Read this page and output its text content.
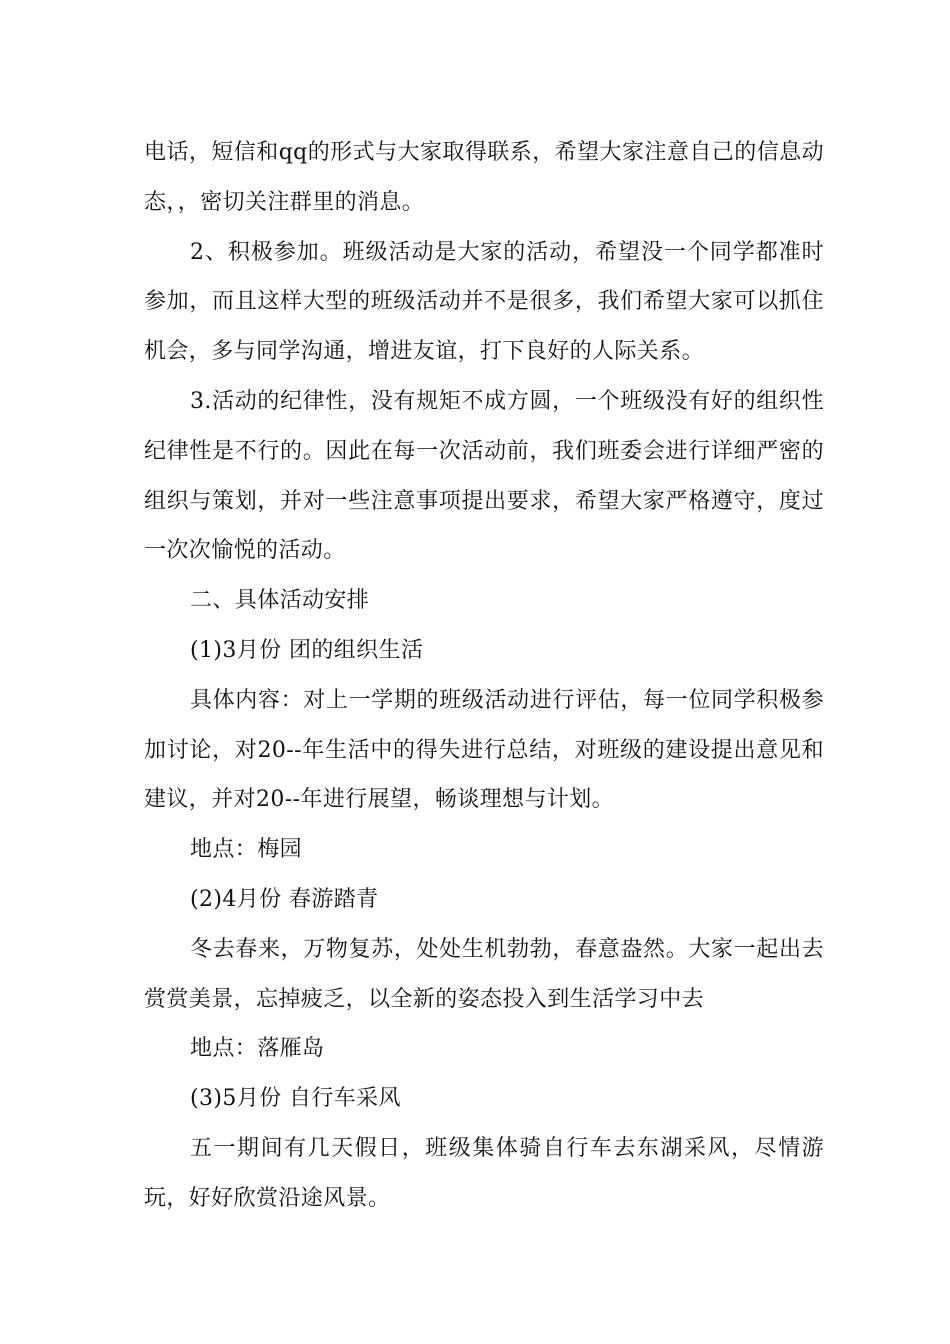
电话，短信和qq的形式与大家取得联系，希望大家注意自己的信息动态，，密切关注群里的消息。

2、积极参加。班级活动是大家的活动，希望没一个同学都准时参加，而且这样大型的班级活动并不是很多，我们希望大家可以抓住机会，多与同学沟通，增进友谊，打下良好的人际关系。

3.活动的纪律性，没有规矩不成方圆，一个班级没有好的组织性纪律性是不行的。因此在每一次活动前，我们班委会进行详细严密的组织与策划，并对一些注意事项提出要求，希望大家严格遵守，度过一次次愉悦的活动。

二、具体活动安排

(1)3月份 团的组织生活

具体内容：对上一学期的班级活动进行评估，每一位同学积极参加讨论，对20--年生活中的得失进行总结，对班级的建设提出意见和建议，并对20--年进行展望，畅谈理想与计划。

地点：梅园

(2)4月份 春游踏青

冬去春来，万物复苏，处处生机勃勃，春意盎然。大家一起出去赏赏美景，忘掉疲乏，以全新的姿态投入到生活学习中去

地点：落雁岛

(3)5月份 自行车采风

五一期间有几天假日，班级集体骑自行车去东湖采风，尽情游玩，好好欣赏沿途风景。
